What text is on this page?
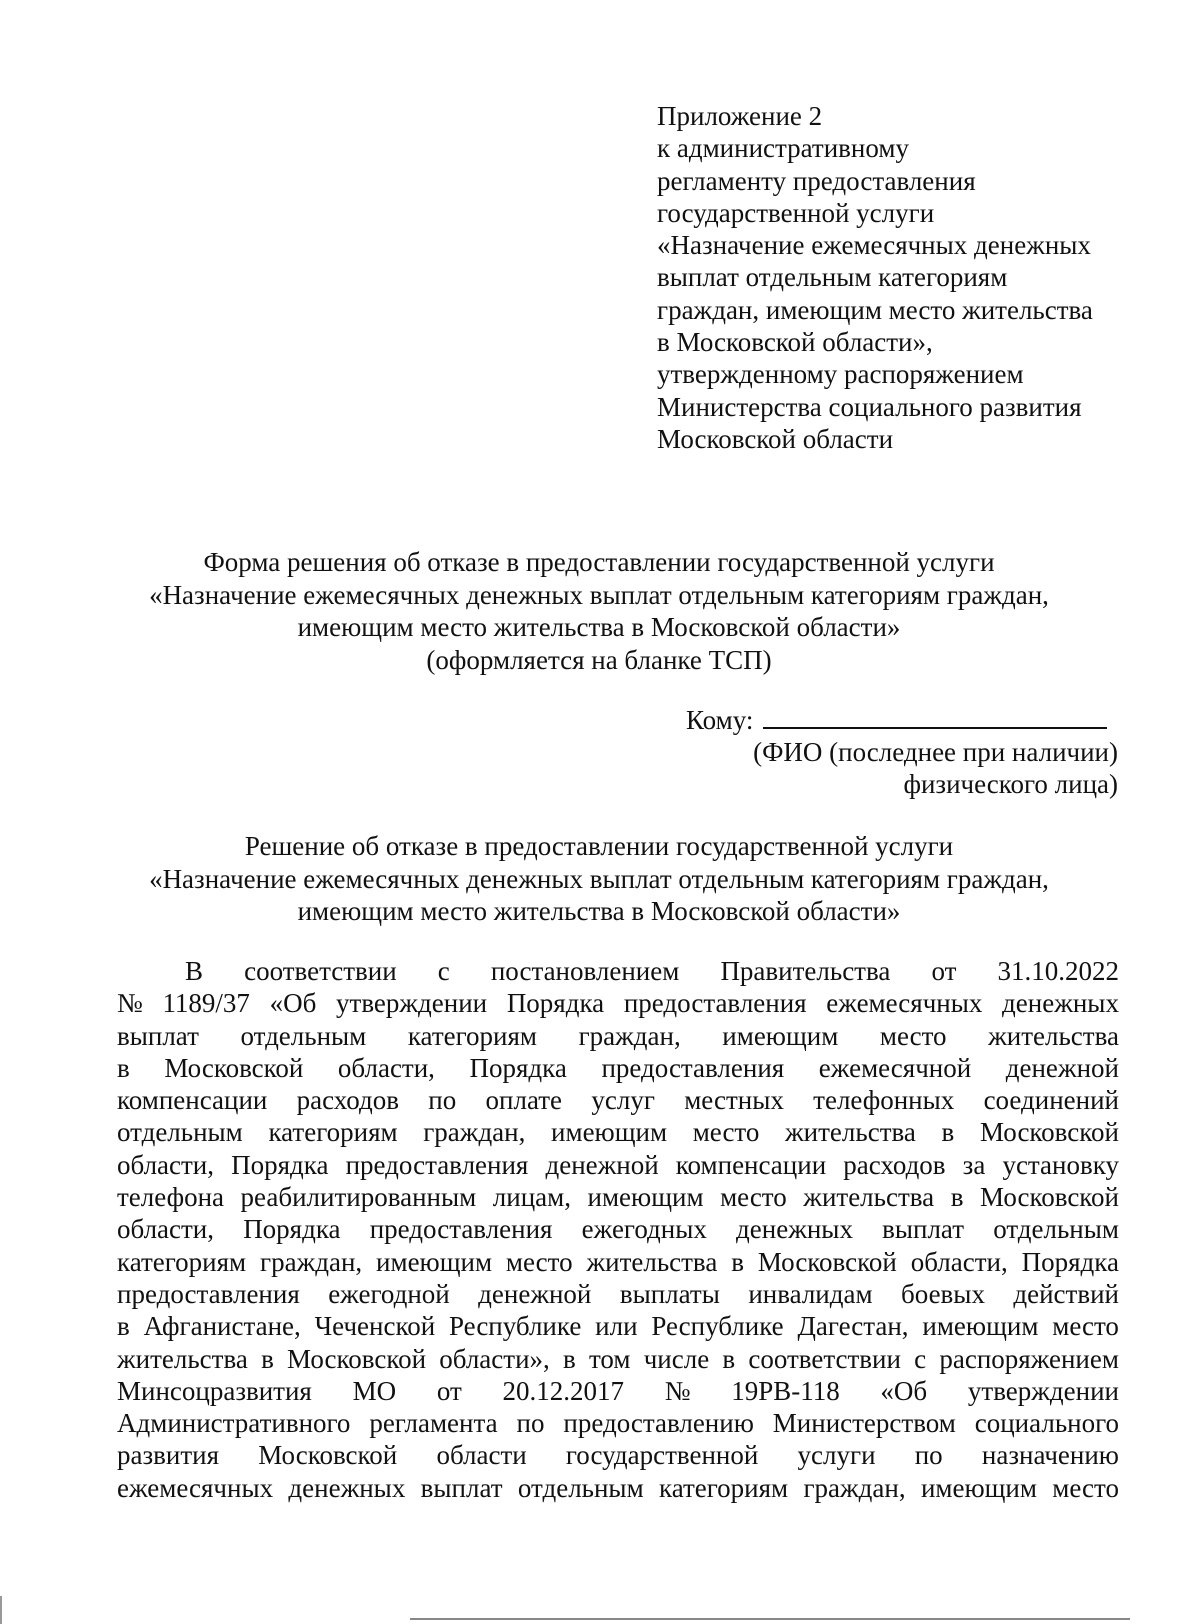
Приложение 2
к административному
регламенту предоставления
государственной услуги
«Назначение ежемесячных денежных
выплат отдельным категориям
граждан, имеющим место жительства
в Московской области»,
утвержденному распоряжением
Министерства социального развития
Московской области
Форма решения об отказе в предоставлении государственной услуги
«Назначение ежемесячных денежных выплат отдельным категориям граждан,
имеющим место жительства в Московской области»
(оформляется на бланке ТСП)
Кому:
(ФИО (последнее при наличии)
физического лица)
Решение об отказе в предоставлении государственной услуги
«Назначение ежемесячных денежных выплат отдельным категориям граждан,
имеющим место жительства в Московской области»
В соответствии с постановлением Правительства от 31.10.2022
№ 1189/37 «Об утверждении Порядка предоставления ежемесячных денежных
выплат отдельным категориям граждан, имеющим место жительства
в Московской области, Порядка предоставления ежемесячной денежной
компенсации расходов по оплате услуг местных телефонных соединений
отдельным категориям граждан, имеющим место жительства в Московской
области, Порядка предоставления денежной компенсации расходов за установку
телефона реабилитированным лицам, имеющим место жительства в Московской
области, Порядка предоставления ежегодных денежных выплат отдельным
категориям граждан, имеющим место жительства в Московской области, Порядка
предоставления ежегодной денежной выплаты инвалидам боевых действий
в Афганистане, Чеченской Республике или Республике Дагестан, имеющим место
жительства в Московской области», в том числе в соответствии с распоряжением
Минсоцразвития МО от 20.12.2017 № 19РВ-118 «Об утверждении
Административного регламента по предоставлению Министерством социального
развития Московской области государственной услуги по назначению
ежемесячных денежных выплат отдельным категориям граждан, имеющим место
